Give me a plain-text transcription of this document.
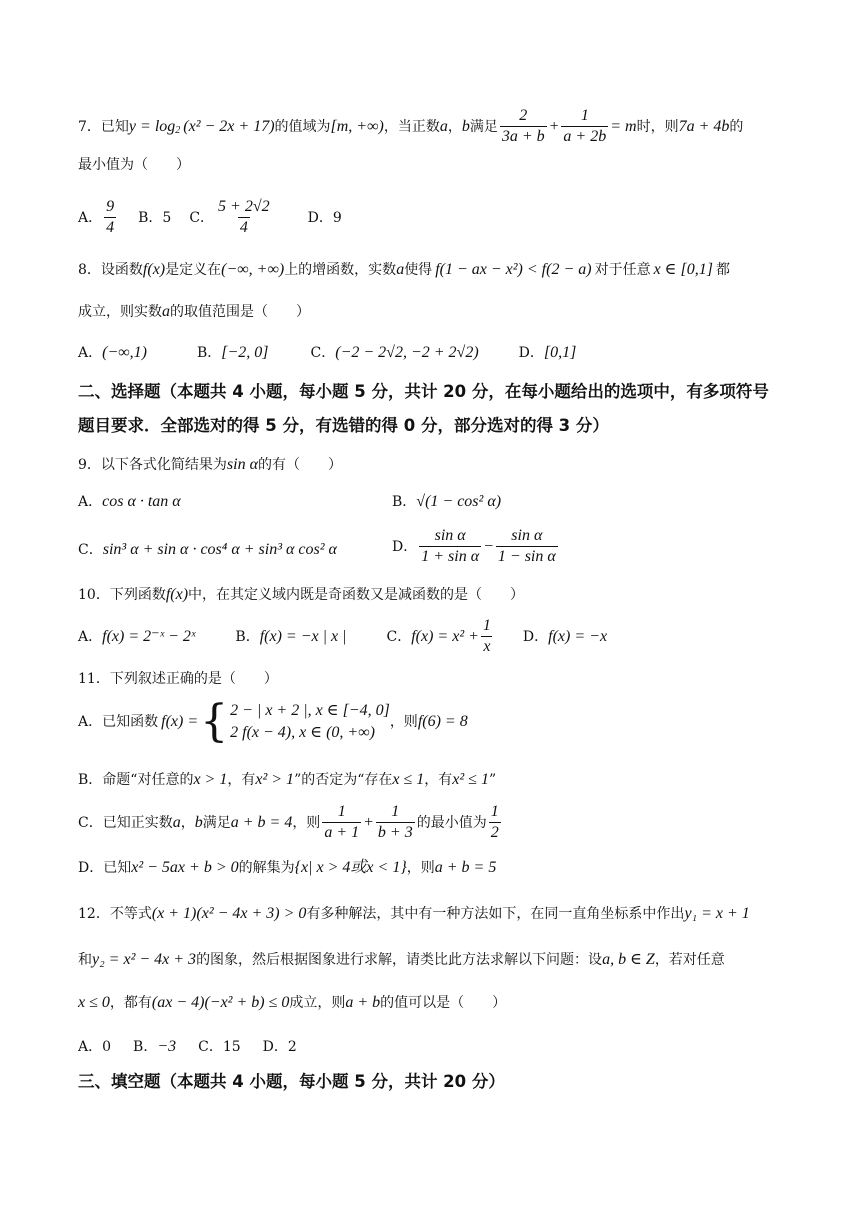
7．已知 y = log 2 (x² − 2x + 17) 的值域为 [m, +∞) ，当正数 a ， b 满足 $\frac{2}{3a + b} + \frac{1}{a + 2b} = m$ 时，则 7a + 4b 的
最小值为（　　）
A． $\frac{9}{4}$ B．5 C． $\frac{5 + 2√2}{4}$	D．9
8．设函数 f(x) 是定义在 (−∞, +∞) 上的增函数，实数 a 使得 f(1 − ax − x²) < f(2 − a) 对于任意 x ∈ [0,1] 都
成立，则实数 a 的取值范围是（　　）
A． (−∞,1)	B． [−2, 0]	C． (−2 − 2√2, −2 + 2√2)	D． [0,1]
二、选择题（本题共 4 小题，每小题 5 分，共计 20 分，在每小题给出的选项中，有多项符号
题目要求．全部选对的得 5 分，有选错的得 0 分，部分选对的得 3 分）
9．以下各式化简结果为 sin α 的有（　　）
A． cos α · tan α	B． √(1 − cos² α)
C． sin³ α + sin α · cos⁴ α + sin³ α cos² α	D． $\frac{\text{sin α}}{\text{1 + sin α}} - \frac{\text{sin α}}{\text{1 − sin α}}$
10．下列函数 f(x) 中，在其定义域内既是奇函数又是减函数的是（　　）
A． f(x) = 2⁻ˣ − 2ˣ	B． f(x) = −x | x |	C． $f(x) = x^2 + \frac{1}{x}$ D． f(x) = −x
11．下列叙述正确的是（　　）
A．已知函数 f(x) = { 2 − | x + 2 |, x ∈ [−4, 0]
2 f(x − 4), x ∈ (0, +∞)
，则 f(6) = 8
B．命题“对任意的 x > 1 ，有 x² > 1 ”的否定为“存在 x ≤ 1 ，有 x² ≤ 1 ”
C．已知正实数 a ， b 满足 a + b = 4 ，则 $\frac{1}{a + 1} + \frac{1}{b + 3}$ 的最小值为 $\frac{1}{2}$
D．已知 x² − 5ax + b > 0 的解集为 {x| x > 4或x < 1} ，则 a + b = 5
12．不等式 (x + 1)(x² − 4x + 3) > 0 有多种解法，其中有一种方法如下，在同一直角坐标系中作出 y₁ = x + 1
和 y₂ = x² − 4x + 3 的图象，然后根据图象进行求解，请类比此方法求解以下问题：设 a, b ∈ Z ，若对任意
x ≤ 0 ，都有 (ax − 4)(−x² + b) ≤ 0 成立，则 a + b 的值可以是（　　）
A．0 B． −3 C．15 D．2
三、填空题（本题共 4 小题，每小题 5 分，共计 20 分）
